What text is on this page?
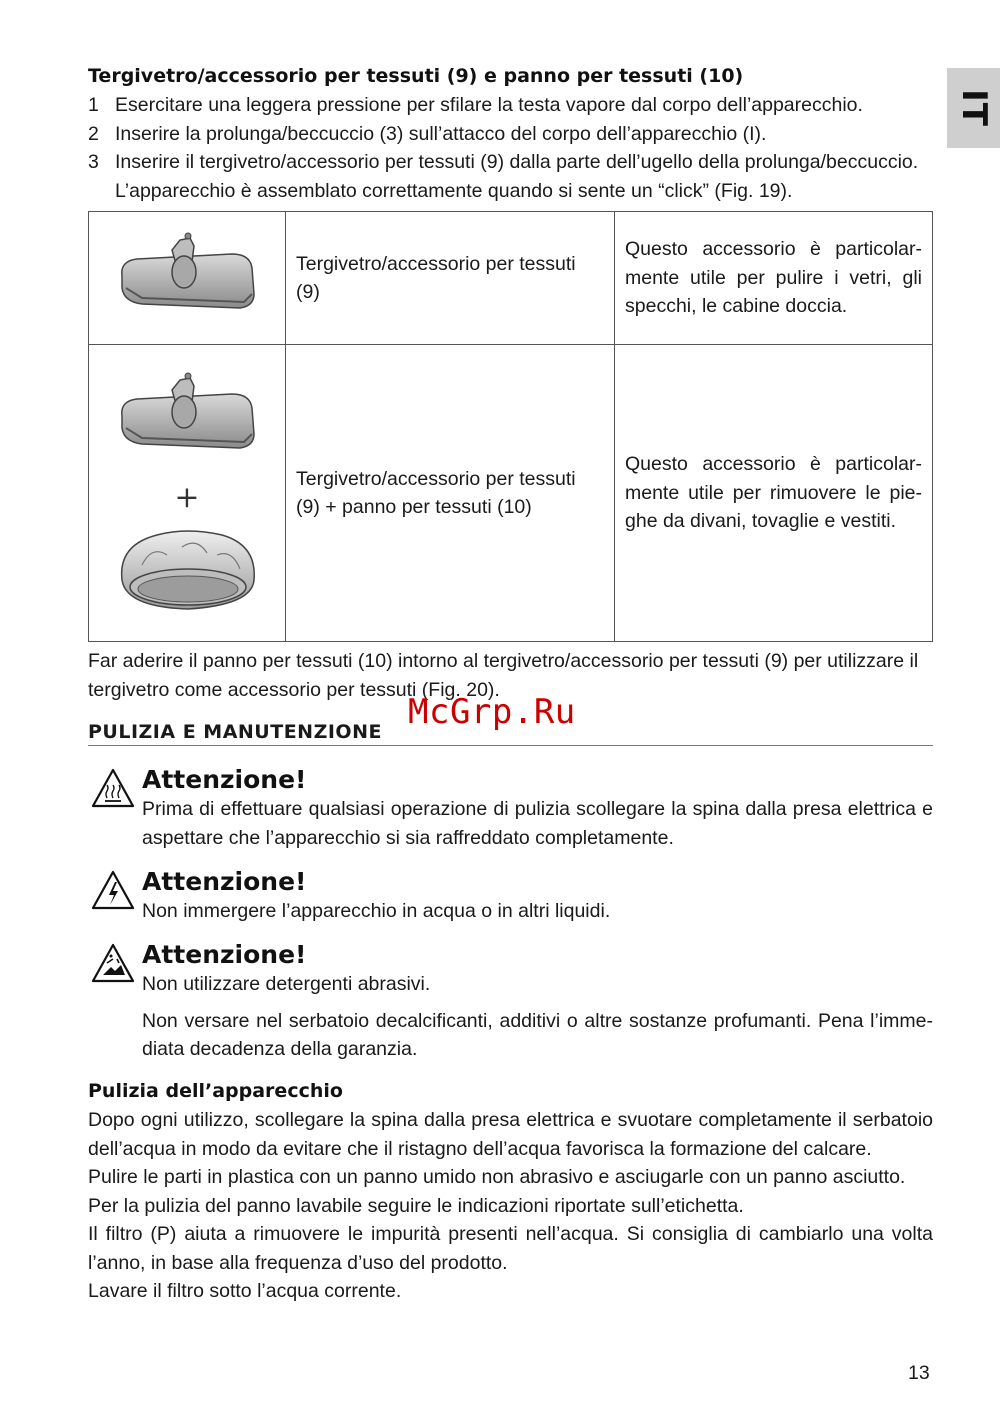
IT

Tergivetro/accessorio per tessuti (9) e panno per tessuti (10)

1 Esercitare una leggera pressione per sfilare la testa vapore dal corpo dell’apparecchio.
2 Inserire la prolunga/beccuccio (3) sull’attacco del corpo dell’apparecchio (I).
3 Inserire il tergivetro/accessorio per tessuti (9) dalla parte dell’ugello della prolunga/beccuccio.
L’apparecchio è assemblato correttamente quando si sente un “click” (Fig. 19).
	Tergivetro/accessorio per tessuti (9)	Questo accessorio è particolar-mente utile per pulire i vetri, gli specchi, le cabine doccia.

+	Tergivetro/accessorio per tessuti (9) + panno per tessuti (10)	Questo accessorio è particolar-mente utile per rimuovere le pie-ghe da divani, tovaglie e vestiti.

Far aderire il panno per tessuti (10) intorno al tergivetro/accessorio per tessuti (9) per utilizzare il tergivetro come accessorio per tessuti (Fig. 20).

McGrp.Ru

PULIZIA E MANUTENZIONE

Attenzione!

Prima di effettuare qualsiasi operazione di pulizia scollegare la spina dalla presa elettrica e aspettare che l’apparecchio si sia raffreddato completamente.

Attenzione!

Non immergere l’apparecchio in acqua o in altri liquidi.

Attenzione!

Non utilizzare detergenti abrasivi.

Non versare nel serbatoio decalcificanti, additivi o altre sostanze profumanti. Pena l’imme-diata decadenza della garanzia.

Pulizia dell’apparecchio

Dopo ogni utilizzo, scollegare la spina dalla presa elettrica e svuotare completamente il serbatoio dell’acqua in modo da evitare che il ristagno dell’acqua favorisca la formazione del calcare.

Pulire le parti in plastica con un panno umido non abrasivo e asciugarle con un panno asciutto.

Per la pulizia del panno lavabile seguire le indicazioni riportate sull’etichetta.

Il filtro (P) aiuta a rimuovere le impurità presenti nell’acqua. Si consiglia di cambiarlo una volta l’anno, in base alla frequenza d’uso del prodotto.

Lavare il filtro sotto l’acqua corrente.

13
